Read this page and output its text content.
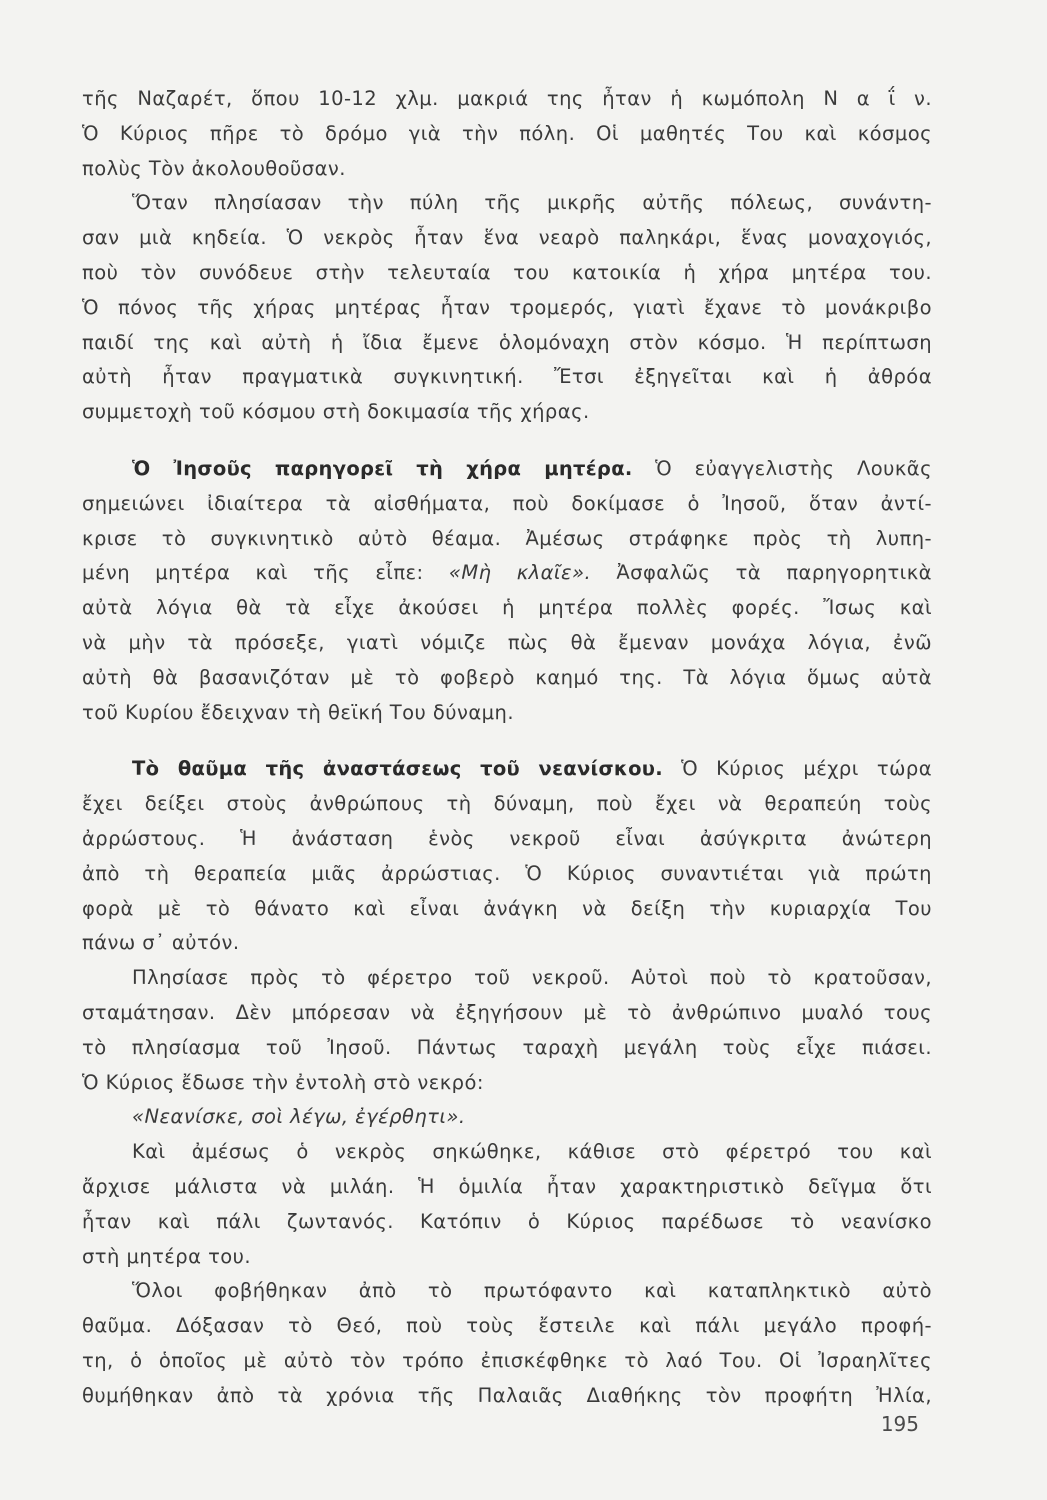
τῆς Ναζαρέτ, ὅπου 10-12 χλμ. μακριά της ἦταν ἡ κωμόπολη Ν α ΐ ν.
Ὁ Κύριος πῆρε τὸ δρόμο γιὰ τὴν πόλη. Οἱ μαθητές Του καὶ κόσμος
πολὺς Τὸν ἀκολουθοῦσαν.
Ὅταν πλησίασαν τὴν πύλη τῆς μικρῆς αὐτῆς πόλεως, συνάντη-
σαν μιὰ κηδεία. Ὁ νεκρὸς ἦταν ἕνα νεαρὸ παληκάρι, ἕνας μοναχογιός,
ποὺ τὸν συνόδευε στὴν τελευταία του κατοικία ἡ χήρα μητέρα του.
Ὁ πόνος τῆς χήρας μητέρας ἦταν τρομερός, γιατὶ ἔχανε τὸ μονάκριβο
παιδί της καὶ αὐτὴ ἡ ἴδια ἔμενε ὁλομόναχη στὸν κόσμο. Ἡ περίπτωση
αὐτὴ ἦταν πραγματικὰ συγκινητική. Ἔτσι ἐξηγεῖται καὶ ἡ ἀθρόα
συμμετοχὴ τοῦ κόσμου στὴ δοκιμασία τῆς χήρας.
Ὁ Ἰησοῦς παρηγορεῖ τὴ χήρα μητέρα. Ὁ εὐαγγελιστὴς Λουκᾶς
σημειώνει ἰδιαίτερα τὰ αἰσθήματα, ποὺ δοκίμασε ὁ Ἰησοῦ, ὅταν ἀντί-
κρισε τὸ συγκινητικὸ αὐτὸ θέαμα. Ἀμέσως στράφηκε πρὸς τὴ λυπη-
μένη μητέρα καὶ τῆς εἶπε: «Μὴ κλαῖε». Ἀσφαλῶς τὰ παρηγορητικὰ
αὐτὰ λόγια θὰ τὰ εἶχε ἀκούσει ἡ μητέρα πολλὲς φορές. Ἴσως καὶ
νὰ μὴν τὰ πρόσεξε, γιατὶ νόμιζε πὼς θὰ ἔμεναν μονάχα λόγια, ἐνῶ
αὐτὴ θὰ βασανιζόταν μὲ τὸ φοβερὸ καημό της. Τὰ λόγια ὅμως αὐτὰ
τοῦ Κυρίου ἔδειχναν τὴ θεϊκή Του δύναμη.
Τὸ θαῦμα τῆς ἀναστάσεως τοῦ νεανίσκου. Ὁ Κύριος μέχρι τώρα
ἔχει δείξει στοὺς ἀνθρώπους τὴ δύναμη, ποὺ ἔχει νὰ θεραπεύη τοὺς
ἀρρώστους. Ἡ ἀνάσταση ἑνὸς νεκροῦ εἶναι ἀσύγκριτα ἀνώτερη
ἀπὸ τὴ θεραπεία μιᾶς ἀρρώστιας. Ὁ Κύριος συναντιέται γιὰ πρώτη
φορὰ μὲ τὸ θάνατο καὶ εἶναι ἀνάγκη νὰ δείξη τὴν κυριαρχία Του
πάνω σ᾿ αὐτόν.
Πλησίασε πρὸς τὸ φέρετρο τοῦ νεκροῦ. Αὐτοὶ ποὺ τὸ κρατοῦσαν,
σταμάτησαν. Δὲν μπόρεσαν νὰ ἐξηγήσουν μὲ τὸ ἀνθρώπινο μυαλό τους
τὸ πλησίασμα τοῦ Ἰησοῦ. Πάντως ταραχὴ μεγάλη τοὺς εἶχε πιάσει.
Ὁ Κύριος ἔδωσε τὴν ἐντολὴ στὸ νεκρό:
«Νεανίσκε, σοὶ λέγω, ἐγέρθητι».
Καὶ ἀμέσως ὁ νεκρὸς σηκώθηκε, κάθισε στὸ φέρετρό του καὶ
ἄρχισε μάλιστα νὰ μιλάη. Ἡ ὁμιλία ἦταν χαρακτηριστικὸ δεῖγμα ὅτι
ἦταν καὶ πάλι ζωντανός. Κατόπιν ὁ Κύριος παρέδωσε τὸ νεανίσκο
στὴ μητέρα του.
Ὅλοι φοβήθηκαν ἀπὸ τὸ πρωτόφαντο καὶ καταπληκτικὸ αὐτὸ
θαῦμα. Δόξασαν τὸ Θεό, ποὺ τοὺς ἔστειλε καὶ πάλι μεγάλο προφή-
τη, ὁ ὁποῖος μὲ αὐτὸ τὸν τρόπο ἐπισκέφθηκε τὸ λαό Του. Οἱ Ἰσραηλῖτες
θυμήθηκαν ἀπὸ τὰ χρόνια τῆς Παλαιᾶς Διαθήκης τὸν προφήτη Ἠλία,
195
